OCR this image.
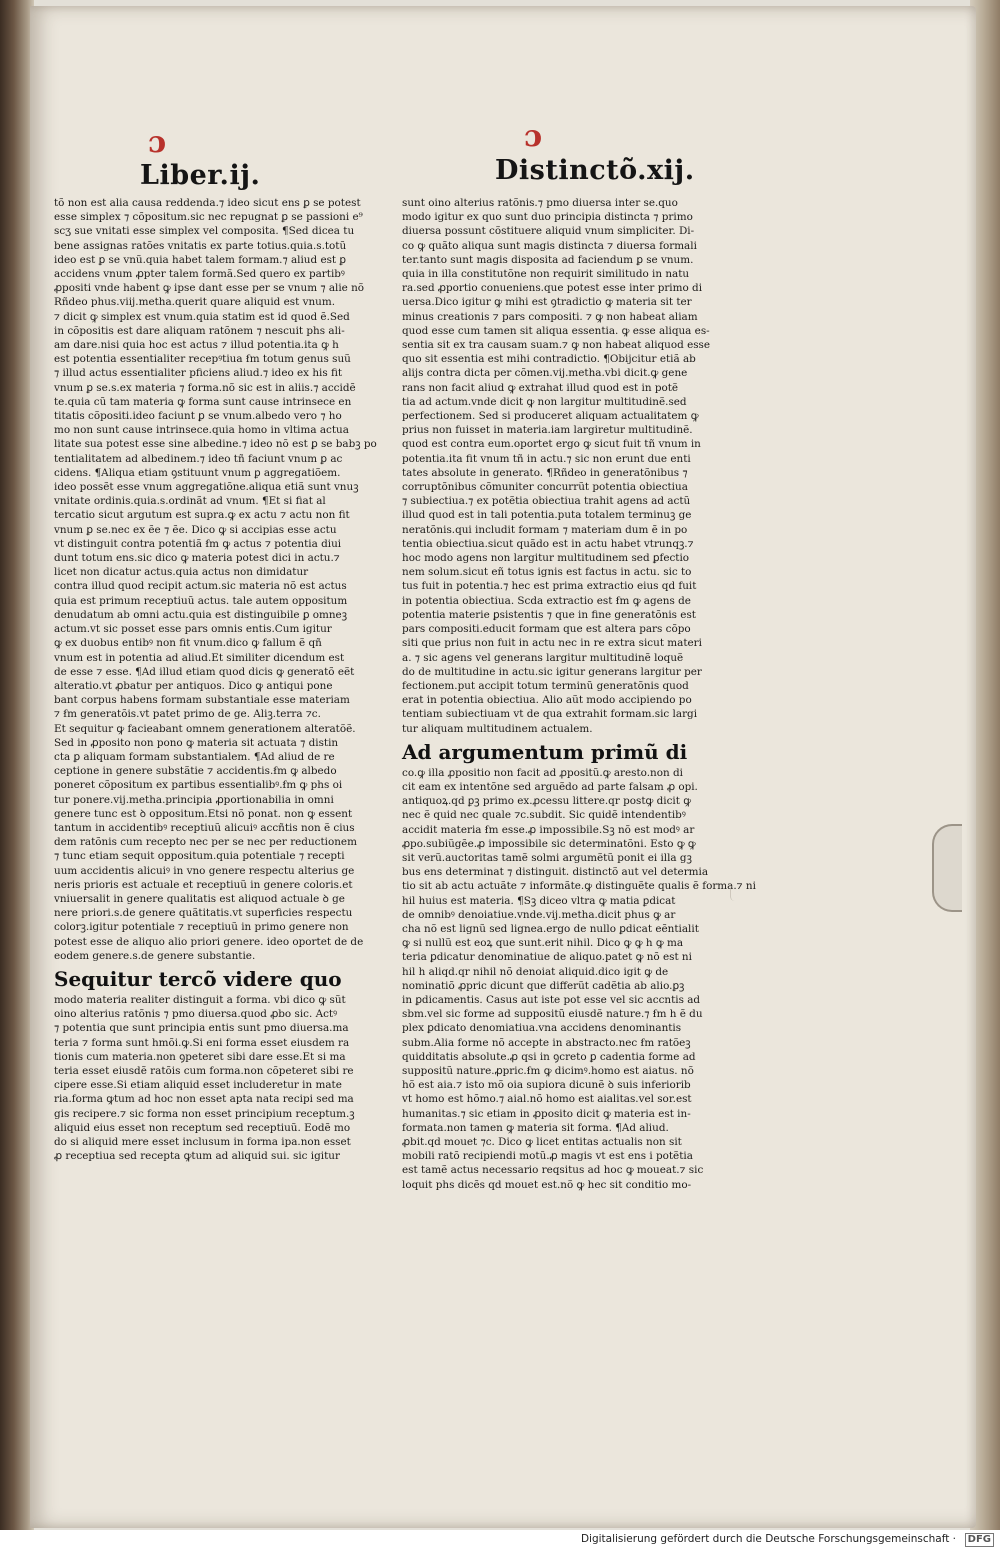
ɔ	ɔ
Liber.ij.	Distinctõ.xij.
tõ non est alia causa reddenda.⁊ ideo sicut ens ꝑ se potest
esse simplex ⁊ cõpositum.sic nec repugnat ꝑ se passioni e⁹
scʒ sue vnitati esse simplex vel composita. ¶Sed dicea tu
bene assignas ratões vnitatis ex parte totius.quia.s.totũ
ideo est ꝑ se vnũ.quia habet talem formam.⁊ aliud est ꝑ
accidens vnum ꝓpter talem formã.Sed quero ex partibꝰ
ꝓpositi vnde habent ꝙ ipse dant esse per se vnum ⁊ alie nõ
Rñdeo phus.viij.metha.querit quare aliquid est vnum.
⁊ dicit ꝙ simplex est vnum.quia statim est id quod ẽ.Sed
in cõpositis est dare aliquam ratõnem ⁊ nescuit phs ali-
am dare.nisi quia hoc est actus ⁊ illud potentia.ita ꝙ h
est potentia essentialiter recepꝰtiua ẜm totum genus suũ
⁊ illud actus essentialiter pficiens aliud.⁊ ideo ex his fit
vnum ꝑ se.s.ex materia ⁊ forma.nõ sic est in aliis.⁊ accidẽ
te.quia cũ tam materia ꝙ forma sunt cause intrinsece en
titatis cõpositi.ideo faciunt ꝑ se vnum.albedo vero ⁊ ho
mo non sunt cause intrinsece.quia homo in vltima actua
litate sua potest esse sine albedine.⁊ ideo nõ est ꝑ se babꝫ po
tentialitatem ad albedinem.⁊ ideo tñ faciunt vnum ꝑ ac
cidens. ¶Aliqua etiam ꝯstituunt vnum ꝑ aggregatiõem.
ideo possẽt esse vnum aggregatiõne.aliqua etiã sunt vnuꝫ
vnitate ordinis.quia.s.ordinãt ad vnum. ¶Et si fiat al
tercatio sicut argutum est supra.ꝙ ex actu ⁊ actu non fit
vnum ꝑ se.nec ex ẽe ⁊ ẽe. Dico ꝙ si accipias esse actu
vt distinguit contra potentiã ẜm ꝙ actus ⁊ potentia diui
dunt totum ens.sic dico ꝙ materia potest dici in actu.⁊
licet non dicatur actus.quia actus non dimidatur
contra illud quod recipit actum.sic materia nõ est actus
quia est primum receptiuũ actus. tale autem oppositum
denudatum ab omni actu.quia est distinguibile ꝑ omneꝫ
actum.vt sic posset esse pars omnis entis.Cum igitur
ꝙ ex duobus entibꝰ non fit vnum.dico ꝙ fallum ẽ qñ
vnum est in potentia ad aliud.Et similiter dicendum est
de esse ⁊ esse. ¶Ad illud etiam quod dicis ꝙ generatõ eẽt
alteratio.vt ꝓbatur per antiquos. Dico ꝙ antiqui pone
bant corpus habens formam substantiale esse materiam
⁊ ẜm generatõis.vt patet primo de ge. Aliꝫ.terra ⁊c.
Et sequitur ꝙ facieabant omnem generationem alteratõẽ.
Sed in ꝓposito non pono ꝙ materia sit actuata ⁊ distin
cta ꝑ aliquam formam substantialem. ¶Ad aliud de re
ceptione in genere substãtie ⁊ accidentis.ẜm ꝙ albedo
poneret cõpositum ex partibus essentialibꝰ.ẜm ꝙ phs oi
tur ponere.vij.metha.principia ꝓportionabilia in omni
genere tunc est ꝺ oppositum.Etsi nõ ponat. non ꝙ essent
tantum in accidentibꝰ receptiuũ alicuiꝰ accñtis non ẽ cius
dem ratõnis cum recepto nec per se nec per reductionem
⁊ tunc etiam sequit oppositum.quia potentiale ⁊ recepti
uum accidentis alicuiꝰ in vno genere respectu alterius ge
neris prioris est actuale et receptiuũ in genere coloris.et
vniuersalit in genere qualitatis est aliquod actuale ꝺ ge
nere priori.s.de genere quãtitatis.vt superficies respectu
colorꝫ.igitur potentiale ⁊ receptiuũ in primo genere non
potest esse de aliquo alio priori genere. ideo oportet de de
eodem genere.s.de genere substantie.
Sequitur tercõ videre quo
modo materia realiter distinguit a forma. vbi dico ꝙ sũt
oino alterius ratõnis ⁊ pmo diuersa.quod ꝓbo sic. Actꝰ
⁊ potentia que sunt principia entis sunt pmo diuersa.ma
teria ⁊ forma sunt hmõi.ꝙ.Si eni forma esset eiusdem ra
tionis cum materia.non ꝯpeteret sibi dare esse.Et si ma
teria esset eiusdẽ ratõis cum forma.non cõpeteret sibi re
cipere esse.Si etiam aliquid esset includeretur in mate
ria.forma ꝙtum ad hoc non esset apta nata recipi sed ma
gis recipere.⁊ sic forma non esset principium receptum.ꝫ
aliquid eius esset non receptum sed receptiuũ. Eodẽ mo
do si aliquid mere esset inclusum in forma ipa.non esset
ꝓ receptiua sed recepta ꝙtum ad aliquid sui. sic igitur
sunt oino alterius ratõnis.⁊ pmo diuersa inter se.quo
modo igitur ex quo sunt duo principia distincta ⁊ primo
diuersa possunt cõstituere aliquid vnum simpliciter. Di-
co ꝙ quãto aliqua sunt magis distincta ⁊ diuersa formali
ter.tanto sunt magis disposita ad faciendum ꝑ se vnum.
quia in illa constitutõne non requirit similitudo in natu
ra.sed ꝓportio conueniens.que potest esse inter primo di
uersa.Dico igitur ꝙ mihi est ꝯtradictio ꝙ materia sit ter
minus creationis ⁊ pars compositi. ⁊ ꝙ non habeat aliam
quod esse cum tamen sit aliqua essentia. ꝙ esse aliqua es-
sentia sit ex tra causam suam.⁊ ꝙ non habeat aliquod esse
quo sit essentia est mihi contradictio. ¶Obijcitur etiã ab
alijs contra dicta per cõmen.vij.metha.vbi dicit.ꝙ gene
rans non facit aliud ꝙ extrahat illud quod est in potẽ
tia ad actum.vnde dicit ꝙ non largitur multitudinẽ.sed
perfectionem. Sed si produceret aliquam actualitatem ꝙ
prius non fuisset in materia.iam largiretur multitudinẽ.
quod est contra eum.oportet ergo ꝙ sicut fuit tñ vnum in
potentia.ita fit vnum tñ in actu.⁊ sic non erunt due enti
tates absolute in generato. ¶Rñdeo in generatõnibus ⁊
corruptõnibus cõmuniter concurrũt potentia obiectiua
⁊ subiectiua.⁊ ex potẽtia obiectiua trahit agens ad actũ
illud quod est in tali potentia.puta totalem terminuꝫ ge
neratõnis.qui includit formam ⁊ materiam dum ẽ in po
tentia obiectiua.sicut quãdo est in actu habet vtrunqꝫ.⁊
hoc modo agens non largitur multitudinem sed ꝑfectio
nem solum.sicut eñ totus ignis est factus in actu. sic to
tus fuit in potentia.⁊ hec est prima extractio eius qd fuit
in potentia obiectiua. Scda extractio est ẜm ꝙ agens de
potentia materie ꝑsistentis ⁊ que in fine generatõnis est
pars compositi.educit formam que est altera pars cõpo
siti que prius non fuit in actu nec in re extra sicut materi
a. ⁊ sic agens vel generans largitur multitudinẽ loquẽ
do de multitudine in actu.sic igitur generans largitur per
fectionem.put accipit totum terminũ generatõnis quod
erat in potentia obiectiua. Alio aũt modo accipiendo po
tentiam subiectiuam vt de qua extrahit formam.sic largi
tur aliquam multitudinem actualem.
Ad argumentum primũ di
co.ꝙ illa ꝓpositio non facit ad ꝓpositũ.ꝙ aresto.non di
cit eam ex intentõne sed arguẽdo ad parte falsam ꝓ opi.
antiquoꝝ.qd ꝑꝫ primo ex.ꝓcessu littere.qr postꝙ dicit ꝙ
nec ẽ quid nec quale ⁊c.subdit. Sic quidẽ intendentibꝰ
accidit materia ẜm esse.ꝓ impossibile.Sꝫ nõ est modꝰ ar
ꝓpo.subiũgẽe.ꝓ impossibile sic determinatõni. Esto ꝙ ꝙ
sit verũ.auctoritas tamẽ solmi argumẽtũ ponit ei illa gꝫ
bus ens determinat ⁊ distinguit. distinctõ aut vel determia
tio sit ab actu actuãte ⁊ informãte.ꝙ distinguẽte qualis ẽ forma.⁊ ni
hil huius est materia. ¶Sꝫ diceo vltra ꝙ matia ꝑdicat
de omnibꝰ denoiatiue.vnde.vij.metha.dicit phus ꝙ ar
cha nõ est lignũ sed lignea.ergo de nullo ꝑdicat eẽntialit
ꝙ si nullũ est eoꝝ que sunt.erit nihil. Dico ꝙ ꝙ h ꝙ ma
teria ꝑdicatur denominatiue de aliquo.patet ꝙ nõ est ni
hil h aliqd.qr nihil nõ denoiat aliquid.dico igit ꝙ de
nominatiõ ꝓpric dicunt que differũt cadẽtia ab alio.ꝑꝫ
in ꝑdicamentis. Casus aut iste pot esse vel sic accntis ad
sbm.vel sic forme ad suppositũ eiusdẽ nature.⁊ ẜm h ẽ du
plex ꝑdicato denomiatiua.vna accidens denominantis
subm.Alia forme nõ accepte in abstracto.nec ẜm ratõeꝫ
quidditatis absolute.ꝓ qsi in ꝯcreto ꝑ cadentia forme ad
suppositũ nature.ꝓpric.ẜm ꝙ dicimꝰ.homo est aiatus. nõ
hõ est aia.⁊ isto mõ oia supiora dicunẽ ꝺ suis inferiorib
vt homo est hõmo.⁊ aial.nõ homo est aialitas.vel sor.est
humanitas.⁊ sic etiam in ꝓposito dicit ꝙ materia est in-
formata.non tamen ꝙ materia sit forma. ¶Ad aliud.
ꝓbit.qd mouet ⁊c. Dico ꝙ licet entitas actualis non sit
mobili ratõ recipiendi motũ.ꝓ magis vt est ens i potẽtia
est tamẽ actus necessario reqsitus ad hoc ꝙ moueat.⁊ sic
loquit phs dicẽs qd mouet est.nõ ꝙ hec sit conditio mo-
Digitalisierung gefördert durch die Deutsche Forschungsgemeinschaft ·	DFG
